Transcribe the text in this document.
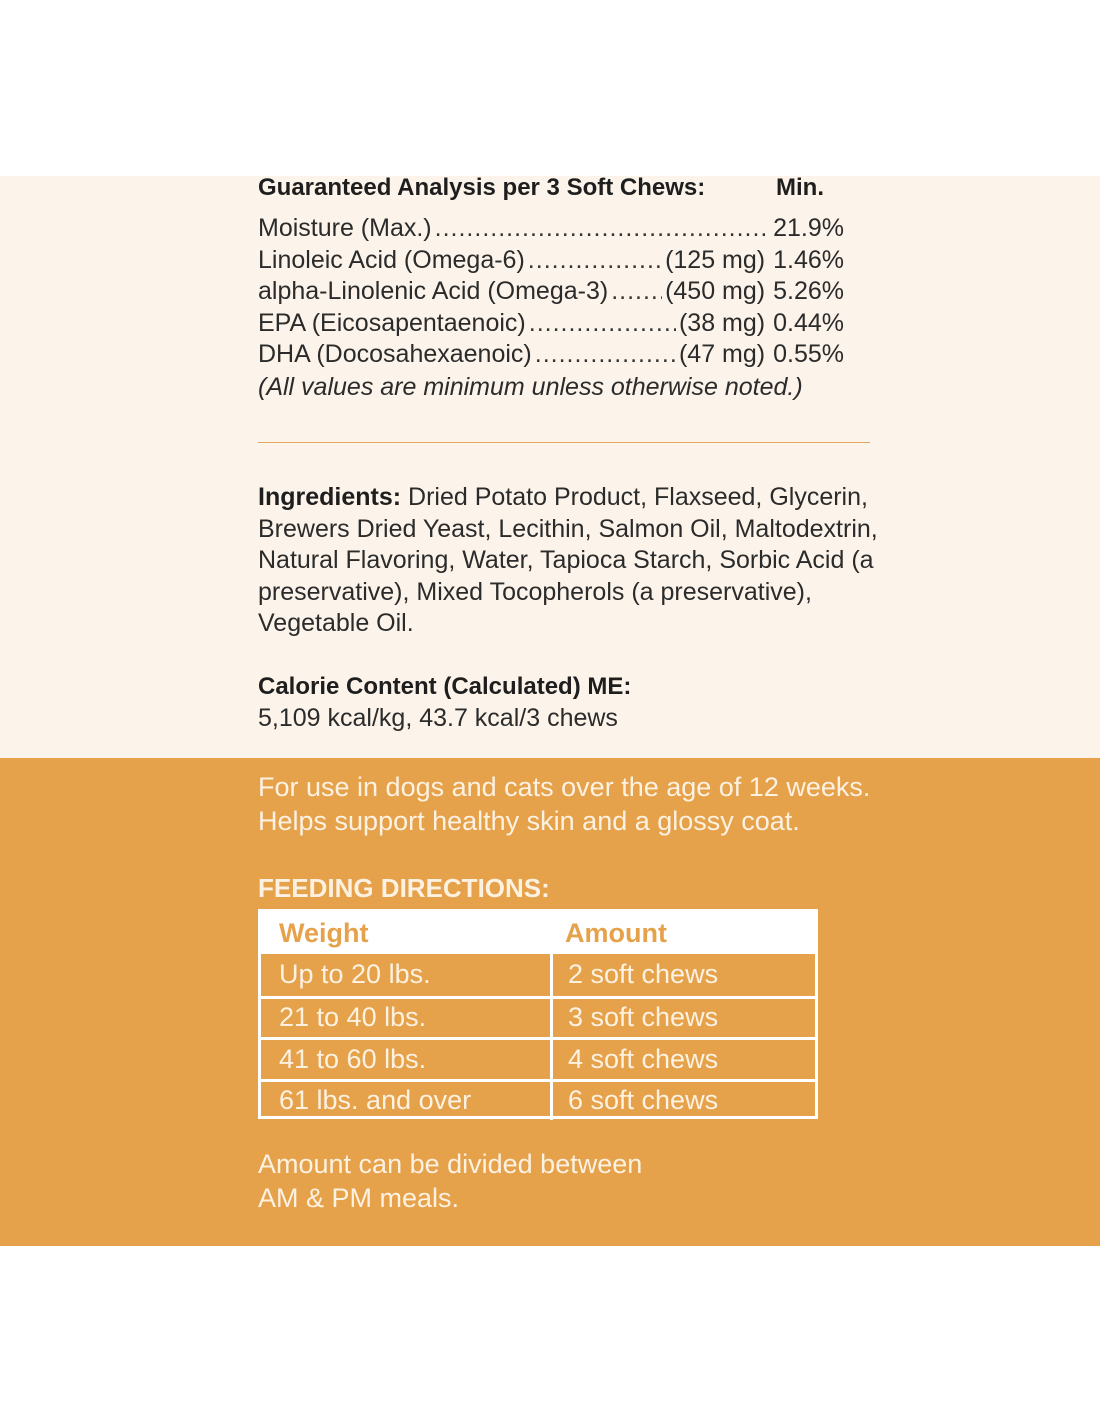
Guaranteed Analysis per 3 Soft Chews:	Min.
Moisture (Max.) .....	21.9%
Linoleic Acid (Omega-6) .....	(125 mg) 1.46%
alpha-Linolenic Acid (Omega-3) ..... (450 mg) 5.26%
EPA (Eicosapentaenoic) .....	(38 mg) 0.44%
DHA (Docosahexaenoic) .....	(47 mg) 0.55%
(All values are minimum unless otherwise noted.)
Ingredients: Dried Potato Product, Flaxseed, Glycerin, Brewers Dried Yeast, Lecithin, Salmon Oil, Maltodextrin, Natural Flavoring, Water, Tapioca Starch, Sorbic Acid (a preservative), Mixed Tocopherols (a preservative), Vegetable Oil.
Calorie Content (Calculated) ME:
5,109 kcal/kg, 43.7 kcal/3 chews
For use in dogs and cats over the age of 12 weeks.
Helps support healthy skin and a glossy coat.
FEEDING DIRECTIONS:
Weight	Amount
Up to 20 lbs.	2 soft chews
21 to 40 lbs.	3 soft chews
41 to 60 lbs.	4 soft chews
61 lbs. and over	6 soft chews
Amount can be divided between
AM & PM meals.
